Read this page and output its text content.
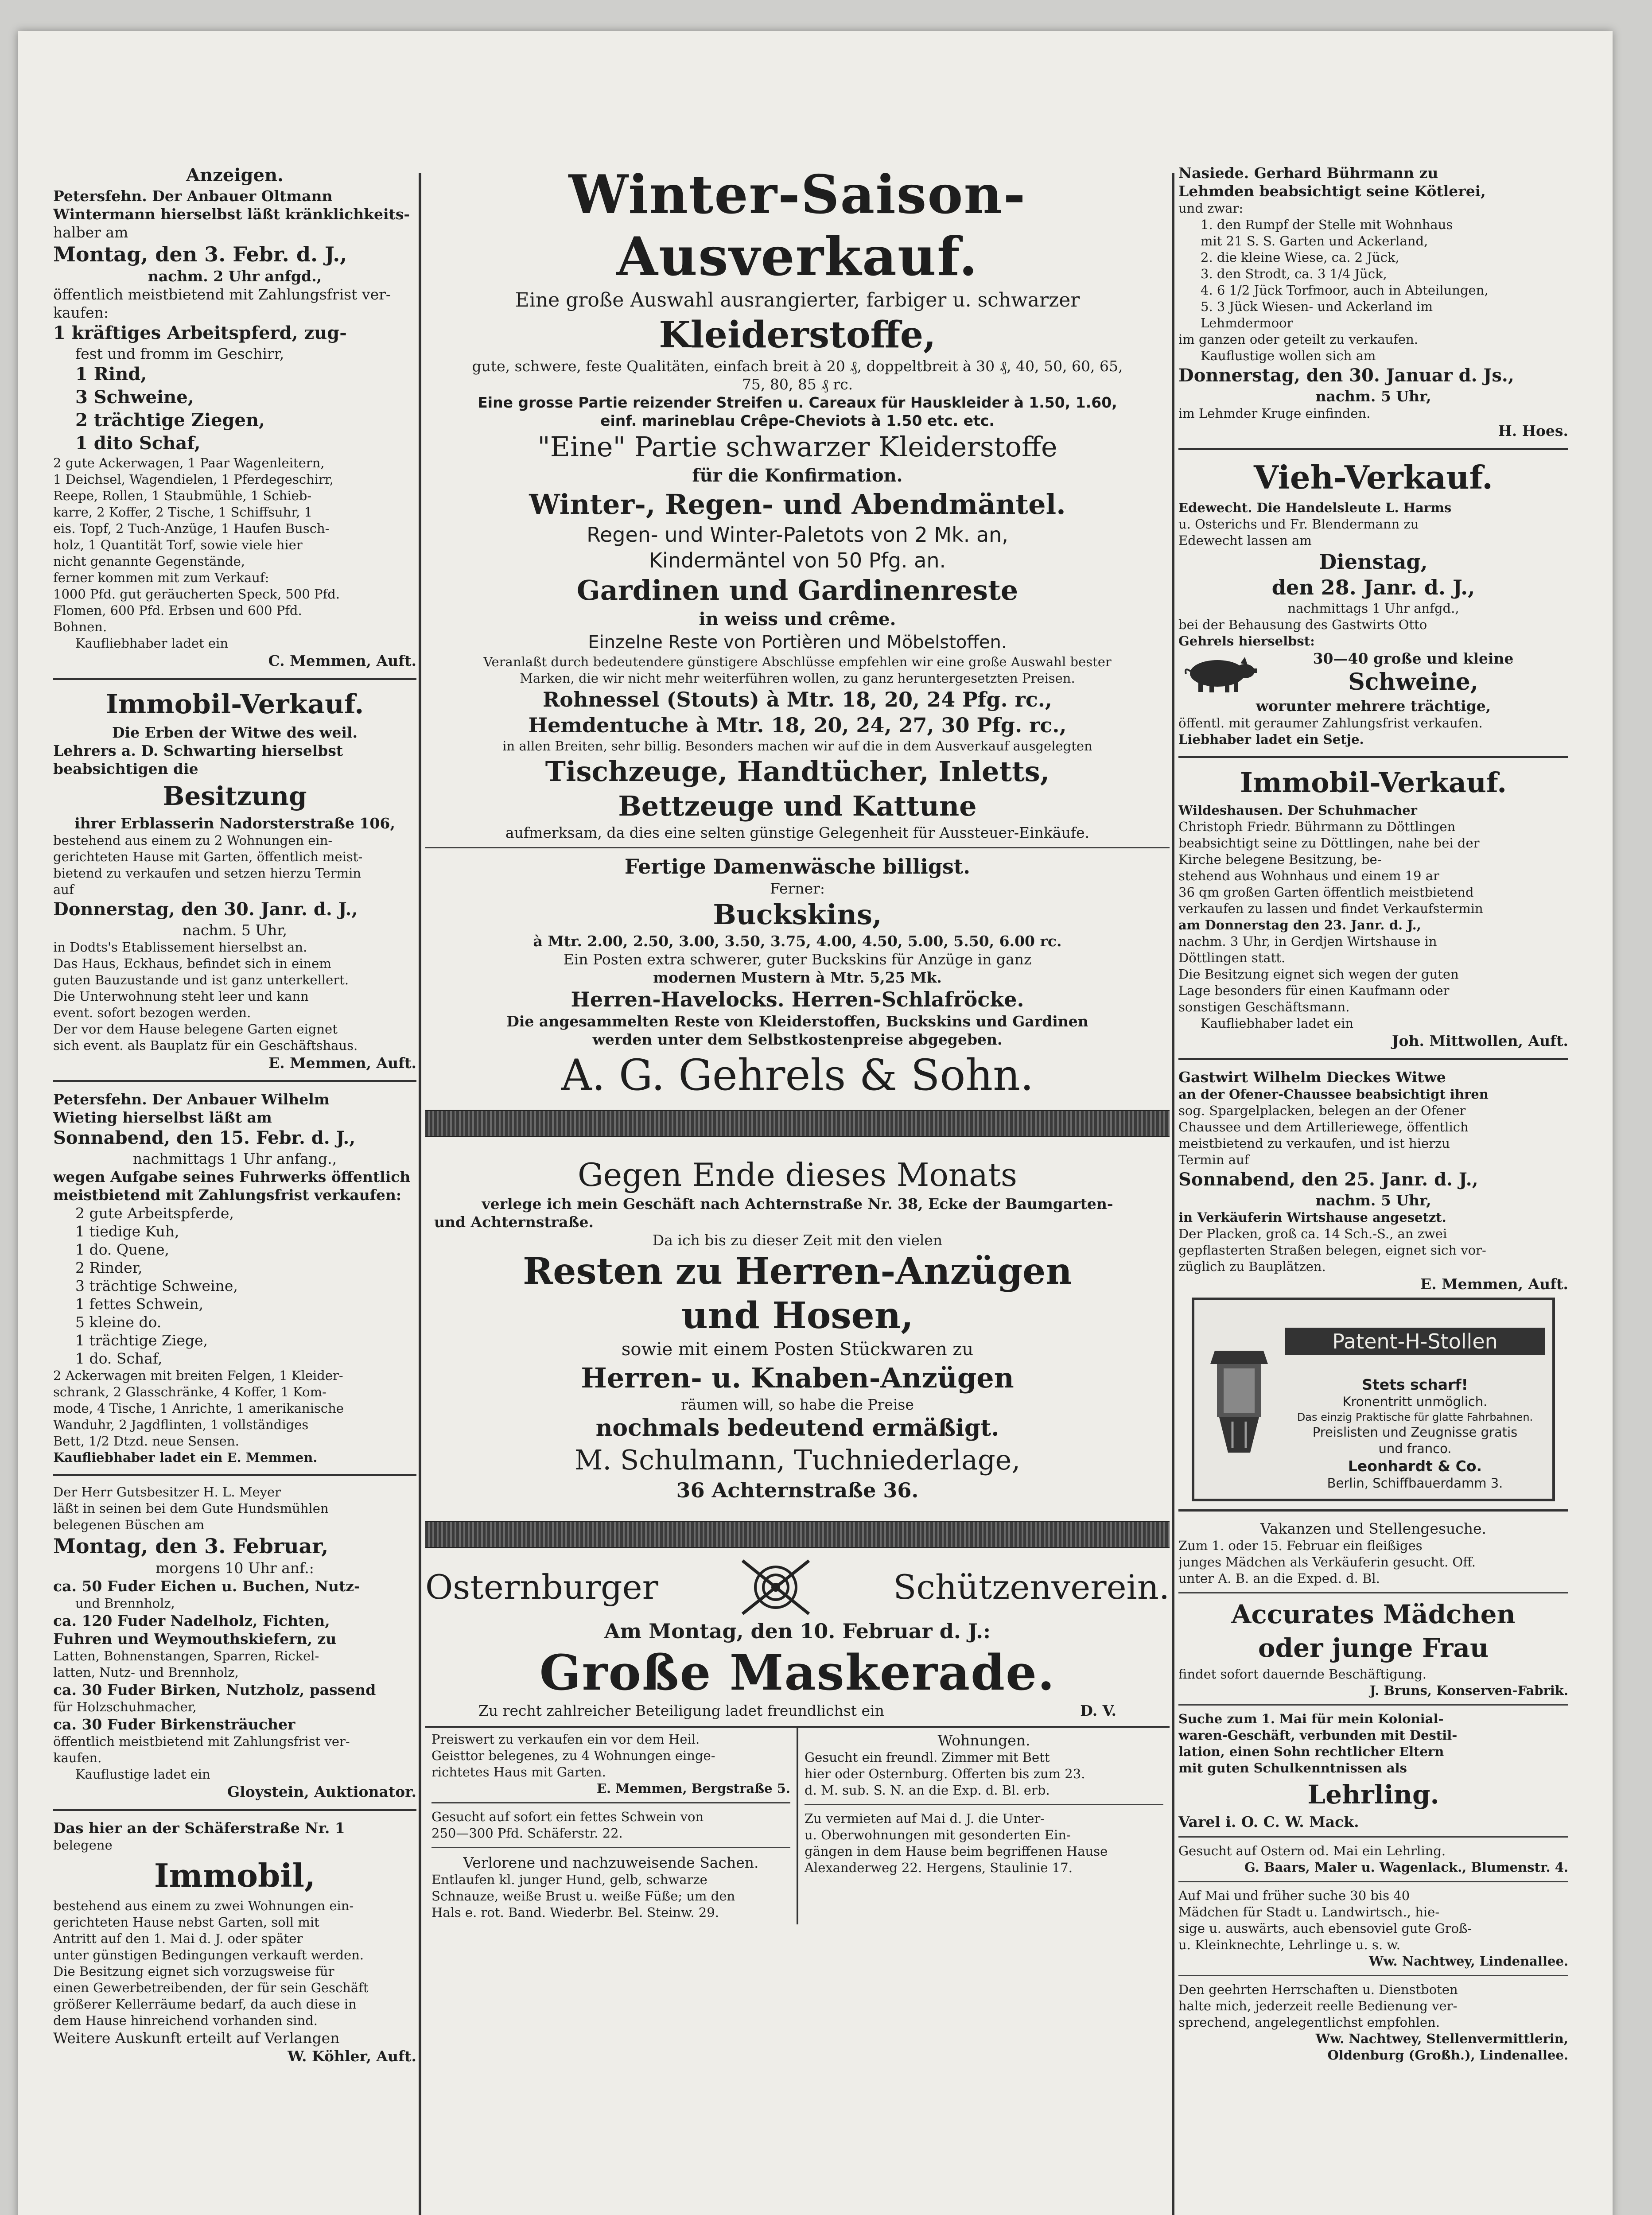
Anzeigen.

Petersfehn. Der Anbauer Oltmann

Wintermann hierselbst läßt kränklichkeits-

halber am

Montag, den 3. Febr. d. J.,

nachm. 2 Uhr anfgd.,

öffentlich meistbietend mit Zahlungsfrist ver-

kaufen:

1 kräftiges Arbeitspferd, zug-

fest und fromm im Geschirr,

1 Rind,

3 Schweine,

2 trächtige Ziegen,

1 dito Schaf,

2 gute Ackerwagen, 1 Paar Wagenleitern,

1 Deichsel, Wagendielen, 1 Pferdegeschirr,

Reepe, Rollen, 1 Staubmühle, 1 Schieb-

karre, 2 Koffer, 2 Tische, 1 Schiffsuhr, 1

eis. Topf, 2 Tuch-Anzüge, 1 Haufen Busch-

holz, 1 Quantität Torf, sowie viele hier

nicht genannte Gegenstände,

ferner kommen mit zum Verkauf:

1000 Pfd. gut geräucherten Speck, 500 Pfd.

Flomen, 600 Pfd. Erbsen und 600 Pfd.

Bohnen.

Kaufliebhaber ladet ein

C. Memmen, Auft.

Immobil-Verkauf.

Die Erben der Witwe des weil.

Lehrers a. D. Schwarting hierselbst

beabsichtigen die

Besitzung

ihrer Erblasserin Nadorsterstraße 106,

bestehend aus einem zu 2 Wohnungen ein-

gerichteten Hause mit Garten, öffentlich meist-

bietend zu verkaufen und setzen hierzu Termin

auf

Donnerstag, den 30. Janr. d. J.,

nachm. 5 Uhr,

in Dodts's Etablissement hierselbst an.

Das Haus, Eckhaus, befindet sich in einem

guten Bauzustande und ist ganz unterkellert.

Die Unterwohnung steht leer und kann

event. sofort bezogen werden.

Der vor dem Hause belegene Garten eignet

sich event. als Bauplatz für ein Geschäftshaus.

E. Memmen, Auft.

Petersfehn. Der Anbauer Wilhelm

Wieting hierselbst läßt am

Sonnabend, den 15. Febr. d. J.,

nachmittags 1 Uhr anfang.,

wegen Aufgabe seines Fuhrwerks öffentlich

meistbietend mit Zahlungsfrist verkaufen:

2 gute Arbeitspferde,

1 tiedige Kuh,

1 do. Quene,

2 Rinder,

3 trächtige Schweine,

1 fettes Schwein,

5 kleine do.

1 trächtige Ziege,

1 do. Schaf,

2 Ackerwagen mit breiten Felgen, 1 Kleider-

schrank, 2 Glasschränke, 4 Koffer, 1 Kom-

mode, 4 Tische, 1 Anrichte, 1 amerikanische

Wanduhr, 2 Jagdflinten, 1 vollständiges

Bett, 1/2 Dtzd. neue Sensen.

Kaufliebhaber ladet ein E. Memmen.

Der Herr Gutsbesitzer H. L. Meyer

läßt in seinen bei dem Gute Hundsmühlen

belegenen Büschen am

Montag, den 3. Februar,

morgens 10 Uhr anf.:

ca. 50 Fuder Eichen u. Buchen, Nutz-

und Brennholz,

ca. 120 Fuder Nadelholz, Fichten,

Fuhren und Weymouthskiefern, zu

Latten, Bohnenstangen, Sparren, Rickel-

latten, Nutz- und Brennholz,

ca. 30 Fuder Birken, Nutzholz, passend

für Holzschuhmacher,

ca. 30 Fuder Birkensträucher

öffentlich meistbietend mit Zahlungsfrist ver-

kaufen.

Kauflustige ladet ein

Gloystein, Auktionator.

Das hier an der Schäferstraße Nr. 1

belegene

Immobil,

bestehend aus einem zu zwei Wohnungen ein-

gerichteten Hause nebst Garten, soll mit

Antritt auf den 1. Mai d. J. oder später

unter günstigen Bedingungen verkauft werden.

Die Besitzung eignet sich vorzugsweise für

einen Gewerbetreibenden, der für sein Geschäft

größerer Kellerräume bedarf, da auch diese in

dem Hause hinreichend vorhanden sind.

Weitere Auskunft erteilt auf Verlangen

W. Köhler, Auft.

Winter-Saison-Ausverkauf.

Eine große Auswahl ausrangierter, farbiger u. schwarzer

Kleiderstoffe,

gute, schwere, feste Qualitäten, einfach breit à 20 ₰, doppeltbreit à 30 ₰, 40, 50, 60, 65,

75, 80, 85 ₰ rc.

Eine grosse Partie reizender Streifen u. Careaux für Hauskleider à 1.50, 1.60,

einf. marineblau Crêpe-Cheviots à 1.50 etc. etc.

"Eine" Partie schwarzer Kleiderstoffe

für die Konfirmation.

Winter-, Regen- und Abendmäntel.

Regen- und Winter-Paletots von 2 Mk. an,

Kindermäntel von 50 Pfg. an.

Gardinen und Gardinenreste

in weiss und crême.

Einzelne Reste von Portièren und Möbelstoffen.

Veranlaßt durch bedeutendere günstigere Abschlüsse empfehlen wir eine große Auswahl bester

Marken, die wir nicht mehr weiterführen wollen, zu ganz heruntergesetzten Preisen.

Rohnessel (Stouts) à Mtr. 18, 20, 24 Pfg. rc.,

Hemdentuche à Mtr. 18, 20, 24, 27, 30 Pfg. rc.,

in allen Breiten, sehr billig. Besonders machen wir auf die in dem Ausverkauf ausgelegten

Tischzeuge, Handtücher, Inletts,

Bettzeuge und Kattune

aufmerksam, da dies eine selten günstige Gelegenheit für Aussteuer-Einkäufe.

Fertige Damenwäsche billigst.

Ferner:

Buckskins,

à Mtr. 2.00, 2.50, 3.00, 3.50, 3.75, 4.00, 4.50, 5.00, 5.50, 6.00 rc.

Ein Posten extra schwerer, guter Buckskins für Anzüge in ganz

modernen Mustern à Mtr. 5,25 Mk.

Herren-Havelocks. Herren-Schlafröcke.

Die angesammelten Reste von Kleiderstoffen, Buckskins und Gardinen

werden unter dem Selbstkostenpreise abgegeben.

A. G. Gehrels & Sohn.

Gegen Ende dieses Monats

verlege ich mein Geschäft nach Achternstraße Nr. 38, Ecke der Baumgarten-

und Achternstraße.

Da ich bis zu dieser Zeit mit den vielen

Resten zu Herren-Anzügen

und Hosen,

sowie mit einem Posten Stückwaren zu

Herren- u. Knaben-Anzügen

räumen will, so habe die Preise

nochmals bedeutend ermäßigt.

M. Schulmann, Tuchniederlage,

36 Achternstraße 36.

Osternburger	Schützenverein.

Am Montag, den 10. Februar d. J.:

Große Maskerade.

Zu recht zahlreicher Beteiligung ladet freundlichst ein	D. V.

Preiswert zu verkaufen ein vor dem Heil.

Geisttor belegenes, zu 4 Wohnungen einge-

richtetes Haus mit Garten.

E. Memmen, Bergstraße 5.

Gesucht auf sofort ein fettes Schwein von

250—300 Pfd. Schäferstr. 22.

Verlorene und nachzuweisende Sachen.

Entlaufen kl. junger Hund, gelb, schwarze

Schnauze, weiße Brust u. weiße Füße; um den

Hals e. rot. Band. Wiederbr. Bel. Steinw. 29.

Wohnungen.

Gesucht ein freundl. Zimmer mit Bett

hier oder Osternburg. Offerten bis zum 23.

d. M. sub. S. N. an die Exp. d. Bl. erb.

Zu vermieten auf Mai d. J. die Unter-

u. Oberwohnungen mit gesonderten Ein-

gängen in dem Hause beim begriffenen Hause

Alexanderweg 22. Hergens, Staulinie 17.

Nasiede. Gerhard Bührmann zu

Lehmden beabsichtigt seine Kötlerei,

und zwar:

1. den Rumpf der Stelle mit Wohnhaus

mit 21 S. S. Garten und Ackerland,

2. die kleine Wiese, ca. 2 Jück,

3. den Strodt, ca. 3 1/4 Jück,

4. 6 1/2 Jück Torfmoor, auch in Abteilungen,

5. 3 Jück Wiesen- und Ackerland im

Lehmdermoor

im ganzen oder geteilt zu verkaufen.

Kauflustige wollen sich am

Donnerstag, den 30. Januar d. Js.,

nachm. 5 Uhr,

im Lehmder Kruge einfinden.

H. Hoes.

Vieh-Verkauf.

Edewecht. Die Handelsleute L. Harms

u. Osterichs und Fr. Blendermann zu

Edewecht lassen am

Dienstag,

den 28. Janr. d. J.,

nachmittags 1 Uhr anfgd.,

bei der Behausung des Gastwirts Otto

Gehrels hierselbst:

30—40 große und kleine

Schweine,

worunter mehrere trächtige,

öffentl. mit geraumer Zahlungsfrist verkaufen.

Liebhaber ladet ein Setje.

Immobil-Verkauf.

Wildeshausen. Der Schuhmacher

Christoph Friedr. Bührmann zu Döttlingen

beabsichtigt seine zu Döttlingen, nahe bei der

Kirche belegene Besitzung, be-

stehend aus Wohnhaus und einem 19 ar

36 qm großen Garten öffentlich meistbietend

verkaufen zu lassen und findet Verkaufstermin

am Donnerstag den 23. Janr. d. J.,

nachm. 3 Uhr, in Gerdjen Wirtshause in

Döttlingen statt.

Die Besitzung eignet sich wegen der guten

Lage besonders für einen Kaufmann oder

sonstigen Geschäftsmann.

Kaufliebhaber ladet ein

Joh. Mittwollen, Auft.

Gastwirt Wilhelm Dieckes Witwe

an der Ofener-Chaussee beabsichtigt ihren

sog. Spargelplacken, belegen an der Ofener

Chaussee und dem Artilleriewege, öffentlich

meistbietend zu verkaufen, und ist hierzu

Termin auf

Sonnabend, den 25. Janr. d. J.,

nachm. 5 Uhr,

in Verkäuferin Wirtshause angesetzt.

Der Placken, groß ca. 14 Sch.-S., an zwei

gepflasterten Straßen belegen, eignet sich vor-

züglich zu Bauplätzen.

E. Memmen, Auft.

Patent-H-Stollen

Stets scharf!

Kronentritt unmöglich.

Das einzig Praktische für glatte Fahrbahnen.

Preislisten und Zeugnisse gratis

und franco.

Leonhardt & Co.

Berlin, Schiffbauerdamm 3.

Vakanzen und Stellengesuche.

Zum 1. oder 15. Februar ein fleißiges

junges Mädchen als Verkäuferin gesucht. Off.

unter A. B. an die Exped. d. Bl.

Accurates Mädchen

oder junge Frau

findet sofort dauernde Beschäftigung.

J. Bruns, Konserven-Fabrik.

Suche zum 1. Mai für mein Kolonial-

waren-Geschäft, verbunden mit Destil-

lation, einen Sohn rechtlicher Eltern

mit guten Schulkenntnissen als

Lehrling.

Varel i. O. C. W. Mack.

Gesucht auf Ostern od. Mai ein Lehrling.

G. Baars, Maler u. Wagenlack., Blumenstr. 4.

Auf Mai und früher suche 30 bis 40

Mädchen für Stadt u. Landwirtsch., hie-

sige u. auswärts, auch ebensoviel gute Groß-

u. Kleinknechte, Lehrlinge u. s. w.

Ww. Nachtwey, Lindenallee.

Den geehrten Herrschaften u. Dienstboten

halte mich, jederzeit reelle Bedienung ver-

sprechend, angelegentlichst empfohlen.

Ww. Nachtwey, Stellenvermittlerin,

Oldenburg (Großh.), Lindenallee.
